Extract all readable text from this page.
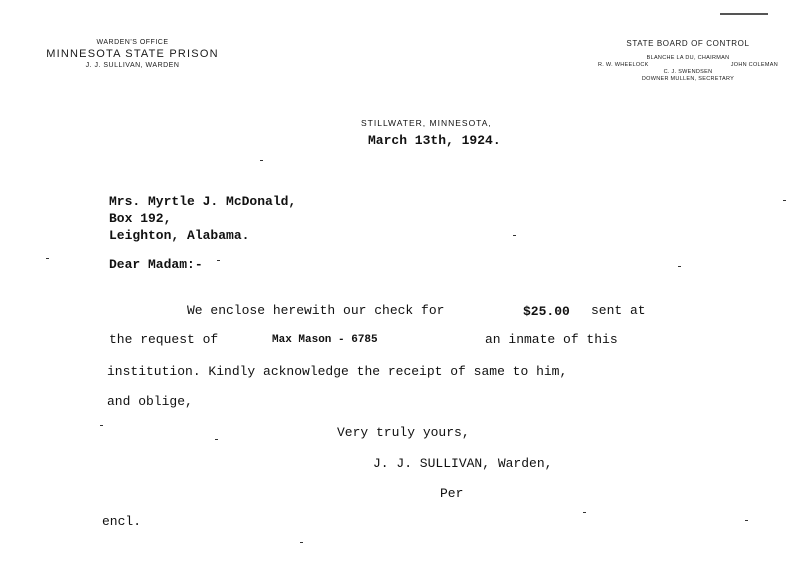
WARDEN'S OFFICE
MINNESOTA STATE PRISON
J. J. SULLIVAN, WARDEN
STATE BOARD OF CONTROL
BLANCHE LA DU, CHAIRMAN
R. W. WHEELOCK	JOHN COLEMAN
C. J. SWENDSEN
DOWNER MULLEN, SECRETARY
STILLWATER, MINNESOTA,
March 13th, 1924.
Mrs. Myrtle J. McDonald,
Box 192,
Leighton, Alabama.
Dear Madam:-
We enclose herewith our check for	$25.00 sent at
the request of	Max Mason - 6785	an inmate of this
institution. Kindly acknowledge the receipt of same to him,
and oblige,
Very truly yours,
J. J. SULLIVAN, Warden,
Per
encl.
